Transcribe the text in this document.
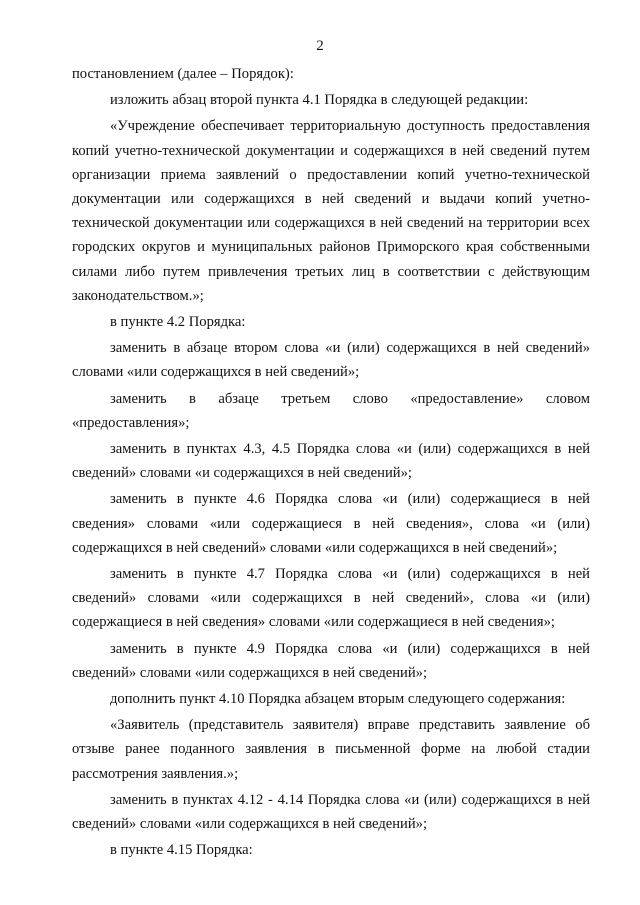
2

постановлением (далее – Порядок):

изложить абзац второй пункта 4.1 Порядка в следующей редакции:

«Учреждение обеспечивает территориальную доступность предоставления копий учетно-технической документации и содержащихся в ней сведений путем организации приема заявлений о предоставлении копий учетно-технической документации или содержащихся в ней сведений и выдачи копий учетно-технической документации или содержащихся в ней сведений на территории всех городских округов и муниципальных районов Приморского края собственными силами либо путем привлечения третьих лиц в соответствии с действующим законодательством.»;

в пункте 4.2 Порядка:

заменить в абзаце втором слова «и (или) содержащихся в ней сведений» словами «или содержащихся в ней сведений»;

заменить в абзаце третьем слово «предоставление» словом «предоставления»;

заменить в пунктах 4.3, 4.5 Порядка слова «и (или) содержащихся в ней сведений» словами «и содержащихся в ней сведений»;

заменить в пункте 4.6 Порядка слова «и (или) содержащиеся в ней сведения» словами «или содержащиеся в ней сведения», слова «и (или) содержащихся в ней сведений» словами «или содержащихся в ней сведений»;

заменить в пункте 4.7 Порядка слова «и (или) содержащихся в ней сведений» словами «или содержащихся в ней сведений», слова «и (или) содержащиеся в ней сведения» словами «или содержащиеся в ней сведения»;

заменить в пункте 4.9 Порядка слова «и (или) содержащихся в ней сведений» словами «или содержащихся в ней сведений»;

дополнить пункт 4.10 Порядка абзацем вторым следующего содержания:

«Заявитель (представитель заявителя) вправе представить заявление об отзыве ранее поданного заявления в письменной форме на любой стадии рассмотрения заявления.»;

заменить в пунктах 4.12 - 4.14 Порядка слова «и (или) содержащихся в ней сведений» словами «или содержащихся в ней сведений»;

в пункте 4.15 Порядка:
